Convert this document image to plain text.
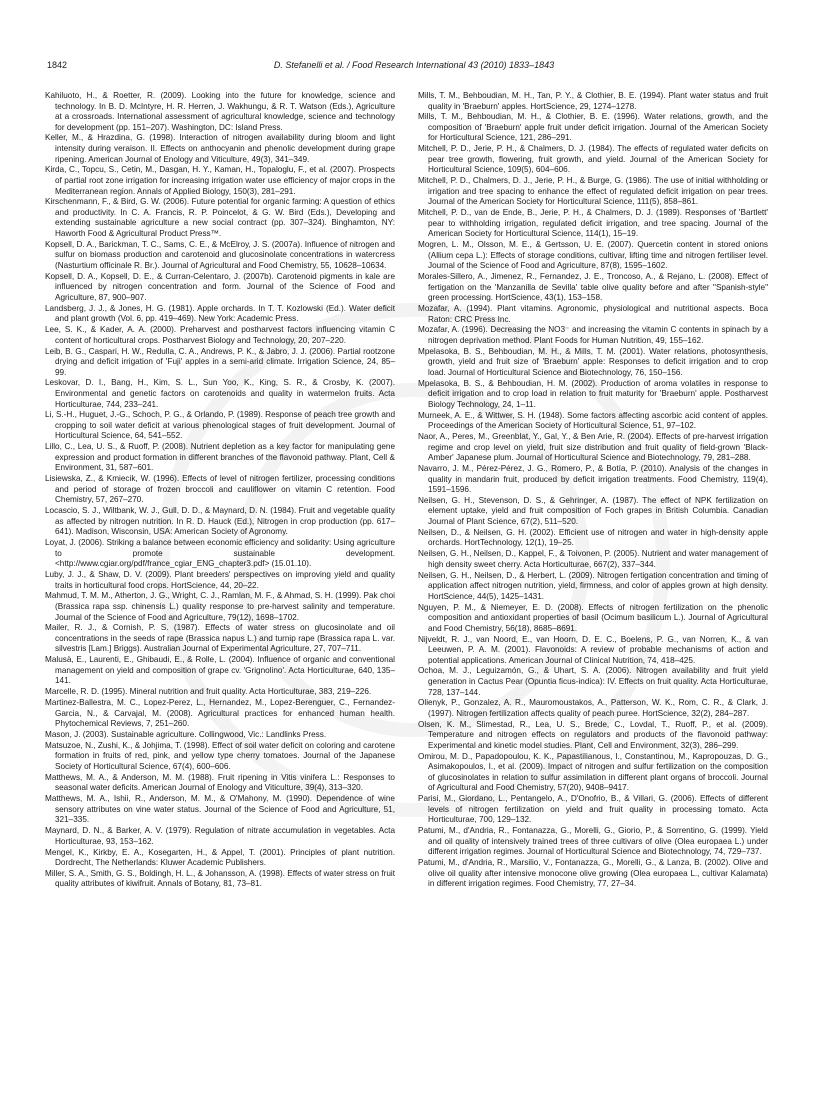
1842	D. Stefanelli et al. / Food Research International 43 (2010) 1833–1843
Kahiluoto, H., & Roetter, R. (2009). Looking into the future for knowledge, science and technology. In B. D. McIntyre, H. R. Herren, J. Wakhungu, & R. T. Watson (Eds.), Agriculture at a crossroads. International assessment of agricultural knowledge, science and technology for development (pp. 151–207). Washington, DC: Island Press.
Keller, M., & Hrazdina, G. (1998). Interaction of nitrogen availability during bloom and light intensity during veraison. II. Effects on anthocyanin and phenolic development during grape ripening. American Journal of Enology and Viticulture, 49(3), 341–349.
Kirda, C., Topcu, S., Cetin, M., Dasgan, H. Y., Kaman, H., Topaloglu, F., et al. (2007). Prospects of partial root zone irrigation for increasing irrigation water use efficiency of major crops in the Mediterranean region. Annals of Applied Biology, 150(3), 281–291.
Kirschenmann, F., & Bird, G. W. (2006). Future potential for organic farming: A question of ethics and productivity. In C. A. Francis, R. P. Poincelot, & G. W. Bird (Eds.), Developing and extending sustainable agriculture a new social contract (pp. 307–324). Binghamton, NY: Haworth Food & Agricultural Product Press™.
Kopsell, D. A., Barickman, T. C., Sams, C. E., & McElroy, J. S. (2007a). Influence of nitrogen and sulfur on biomass production and carotenoid and glucosinolate concentrations in watercress (Nasturtium officinale R. Br.). Journal of Agricultural and Food Chemistry, 55, 10628–10634.
Kopsell, D. A., Kopsell, D. E., & Curran-Celentaro, J. (2007b). Carotenoid pigments in kale are influenced by nitrogen concentration and form. Journal of the Science of Food and Agriculture, 87, 900–907.
Landsberg, J. J., & Jones, H. G. (1981). Apple orchards. In T. T. Kozlowski (Ed.). Water deficit and plant growth (Vol. 6, pp. 419–469). New York: Academic Press.
Lee, S. K., & Kader, A. A. (2000). Preharvest and postharvest factors influencing vitamin C content of horticultural crops. Postharvest Biology and Technology, 20, 207–220.
Leib, B. G., Caspari, H. W., Redulla, C. A., Andrews, P. K., & Jabro, J. J. (2006). Partial rootzone drying and deficit irrigation of 'Fuji' apples in a semi-arid climate. Irrigation Science, 24, 85–99.
Leskovar, D. I., Bang, H., Kim, S. L., Sun Yoo, K., King, S. R., & Crosby, K. (2007). Environmental and genetic factors on carotenoids and quality in watermelon fruits. Acta Horticulturae, 744, 233–241.
Li, S.-H., Huguet, J.-G., Schoch, P. G., & Orlando, P. (1989). Response of peach tree growth and cropping to soil water deficit at various phenological stages of fruit development. Journal of Horticultural Science, 64, 541–552.
Lillo, C., Lea, U. S., & Ruoff, P. (2008). Nutrient depletion as a key factor for manipulating gene expression and product formation in different branches of the flavonoid pathway. Plant, Cell & Environment, 31, 587–601.
Lisiewska, Z., & Kmiecik, W. (1996). Effects of level of nitrogen fertilizer, processing conditions and period of storage of frozen broccoli and cauliflower on vitamin C retention. Food Chemistry, 57, 267–270.
Locascio, S. J., Wiltbank, W. J., Gull, D. D., & Maynard, D. N. (1984). Fruit and vegetable quality as affected by nitrogen nutrition. In R. D. Hauck (Ed.), Nitrogen in crop production (pp. 617–641). Madison, Wisconsin, USA: American Society of Agronomy.
Loyat, J. (2006). Striking a balance between economic efficiency and solidarity: Using agriculture to promote sustainable development. <http://www.cgiar.org/pdf/france_cgiar_ENG_chapter3.pdf> (15.01.10).
Luby, J. J., & Shaw, D. V. (2009). Plant breeders' perspectives on improving yield and quality traits in horticultural food crops. HortScience, 44, 20–22.
Mahmud, T. M. M., Atherton, J. G., Wright, C. J., Ramlan, M. F., & Ahmad, S. H. (1999). Pak choi (Brassica rapa ssp. chinensis L.) quality response to pre-harvest salinity and temperature. Journal of the Science of Food and Agriculture, 79(12), 1698–1702.
Mailer, R. J., & Cornish, P. S. (1987). Effects of water stress on glucosinolate and oil concentrations in the seeds of rape (Brassica napus L.) and turnip rape (Brassica rapa L. var. silvestris [Lam.] Briggs). Australian Journal of Experimental Agriculture, 27, 707–711.
Malusà, E., Laurenti, E., Ghibaudi, E., & Rolle, L. (2004). Influence of organic and conventional management on yield and composition of grape cv. 'Grignolino'. Acta Horticulturae, 640, 135–141.
Marcelle, R. D. (1995). Mineral nutrition and fruit quality. Acta Horticulturae, 383, 219–226.
Martinez-Ballestra, M. C., Lopez-Perez, L., Hernandez, M., Lopez-Berenguer, C., Fernandez-Garcia, N., & Carvajal, M. (2008). Agricultural practices for enhanced human health. Phytochemical Reviews, 7, 251–260.
Mason, J. (2003). Sustainable agriculture. Collingwood, Vic.: Landlinks Press.
Matsuzoe, N., Zushi, K., & Johjima, T. (1998). Effect of soil water deficit on coloring and carotene formation in fruits of red, pink, and yellow type cherry tomatoes. Journal of the Japanese Society of Horticultural Science, 67(4), 600–606.
Matthews, M. A., & Anderson, M. M. (1988). Fruit ripening in Vitis vinifera L.: Responses to seasonal water deficits. American Journal of Enology and Viticulture, 39(4), 313–320.
Matthews, M. A., Ishii, R., Anderson, M. M., & O'Mahony, M. (1990). Dependence of wine sensory attributes on vine water status. Journal of the Science of Food and Agriculture, 51, 321–335.
Maynard, D. N., & Barker, A. V. (1979). Regulation of nitrate accumulation in vegetables. Acta Horticulturae, 93, 153–162.
Mengel, K., Kirkby, E. A., Kosegarten, H., & Appel, T. (2001). Principles of plant nutrition. Dordrecht, The Netherlands: Kluwer Academic Publishers.
Miller, S. A., Smith, G. S., Boldingh, H. L., & Johansson, A. (1998). Effects of water stress on fruit quality attributes of kiwifruit. Annals of Botany, 81, 73–81.
Mills, T. M., Behboudian, M. H., Tan, P. Y., & Clothier, B. E. (1994). Plant water status and fruit quality in 'Braeburn' apples. HortScience, 29, 1274–1278.
Mills, T. M., Behboudian, M. H., & Clothier, B. E. (1996). Water relations, growth, and the composition of 'Braeburn' apple fruit under deficit irrigation. Journal of the American Society for Horticultural Science, 121, 286–291.
Mitchell, P. D., Jerie, P. H., & Chalmers, D. J. (1984). The effects of regulated water deficits on pear tree growth, flowering, fruit growth, and yield. Journal of the American Society for Horticultural Science, 109(5), 604–606.
Mitchell, P. D., Chalmers, D. J., Jerie, P. H., & Burge, G. (1986). The use of initial withholding or irrigation and tree spacing to enhance the effect of regulated deficit irrigation on pear trees. Journal of the American Society for Horticultural Science, 111(5), 858–861.
Mitchell, P. D., van de Ende, B., Jerie, P. H., & Chalmers, D. J. (1989). Responses of 'Bartlett' pear to withholding irrigation, regulated deficit irrigation, and tree spacing. Journal of the American Society for Horticultural Science, 114(1), 15–19.
Mogren, L. M., Olsson, M. E., & Gertsson, U. E. (2007). Quercetin content in stored onions (Allium cepa L.): Effects of storage conditions, cultivar, lifting time and nitrogen fertiliser level. Journal of the Science of Food and Agriculture, 87(8), 1595–1602.
Morales-Sillero, A., Jimenez, R., Fernandez, J. E., Troncoso, A., & Rejano, L. (2008). Effect of fertigation on the 'Manzanilla de Sevilla' table olive quality before and after "Spanish-style" green processing. HortScience, 43(1), 153–158.
Mozafar, A. (1994). Plant vitamins. Agronomic, physiological and nutritional aspects. Boca Raton: CRC Press Inc.
Mozafar, A. (1996). Decreasing the NO3⁻ and increasing the vitamin C contents in spinach by a nitrogen deprivation method. Plant Foods for Human Nutrition, 49, 155–162.
Mpelasoka, B. S., Behboudian, M. H., & Mills, T. M. (2001). Water relations, photosynthesis, growth, yield and fruit size of 'Braeburn' apple: Responses to deficit irrigation and to crop load. Journal of Horticultural Science and Biotechnology, 76, 150–156.
Mpelasoka, B. S., & Behboudian, H. M. (2002). Production of aroma volatiles in response to deficit irrigation and to crop load in relation to fruit maturity for 'Braeburn' apple. Postharvest Biology Technology, 24, 1–11.
Murneek, A. E., & Wittwer, S. H. (1948). Some factors affecting ascorbic acid content of apples. Proceedings of the American Society of Horticultural Science, 51, 97–102.
Naor, A., Peres, M., Greenblat, Y., Gal, Y., & Ben Arie, R. (2004). Effects of pre-harvest irrigation regime and crop level on yield, fruit size distribution and fruit quality of field-grown 'Black-Amber' Japanese plum. Journal of Horticultural Science and Biotechnology, 79, 281–288.
Navarro, J. M., Pérez-Pérez, J. G., Romero, P., & Botía, P. (2010). Analysis of the changes in quality in mandarin fruit, produced by deficit irrigation treatments. Food Chemistry, 119(4), 1591–1596.
Neilsen, G. H., Stevenson, D. S., & Gehringer, A. (1987). The effect of NPK fertilization on element uptake, yield and fruit composition of Foch grapes in British Columbia. Canadian Journal of Plant Science, 67(2), 511–520.
Neilsen, D., & Neilsen, G. H. (2002). Efficient use of nitrogen and water in high-density apple orchards. HortTechnology, 12(1), 19–25.
Neilsen, G. H., Neilsen, D., Kappel, F., & Toivonen, P. (2005). Nutrient and water management of high density sweet cherry. Acta Horticulturae, 667(2), 337–344.
Neilsen, G. H., Neilsen, D., & Herbert, L. (2009). Nitrogen fertigation concentration and timing of application affect nitrogen nutrition, yield, firmness, and color of apples grown at high density. HortScience, 44(5), 1425–1431.
Nguyen, P. M., & Niemeyer, E. D. (2008). Effects of nitrogen fertilization on the phenolic composition and antioxidant properties of basil (Ocimum basilicum L.). Journal of Agricultural and Food Chemistry, 56(18), 8685–8691.
Nijveldt, R. J., van Noord, E., van Hoorn, D. E. C., Boelens, P. G., van Norren, K., & van Leeuwen, P. A. M. (2001). Flavonoids: A review of probable mechanisms of action and potential applications. American Journal of Clinical Nutrition, 74, 418–425.
Ochoa, M. J., Leguizamón, G., & Uhart, S. A. (2006). Nitrogen availability and fruit yield generation in Cactus Pear (Opuntia ficus-indica): IV. Effects on fruit quality. Acta Horticulturae, 728, 137–144.
Olienyk, P., Gonzalez, A. R., Mauromoustakos, A., Patterson, W. K., Rom, C. R., & Clark, J. (1997). Nitrogen fertilization affects quality of peach puree. HortScience, 32(2), 284–287.
Olsen, K. M., Slimestad, R., Lea, U. S., Brede, C., Lovdal, T., Ruoff, P., et al. (2009). Temperature and nitrogen effects on regulators and products of the flavonoid pathway: Experimental and kinetic model studies. Plant, Cell and Environment, 32(3), 286–299.
Omirou, M. D., Papadopoulou, K. K., Papastilianous, I., Constantinou, M., Kapropouzas, D. G., Asimakopoulos, I., et al. (2009). Impact of nitrogen and sulfur fertilization on the composition of glucosinolates in relation to sulfur assimilation in different plant organs of broccoli. Journal of Agricultural and Food Chemistry, 57(20), 9408–9417.
Parisi, M., Giordano, L., Pentangelo, A., D'Onofrio, B., & Villari, G. (2006). Effects of different levels of nitrogen fertilization on yield and fruit quality in processing tomato. Acta Horticulturae, 700, 129–132.
Patumi, M., d'Andria, R., Fontanazza, G., Morelli, G., Giorio, P., & Sorrentino, G. (1999). Yield and oil quality of intensively trained trees of three cultivars of olive (Olea europaea L.) under different irrigation regimes. Journal of Horticultural Science and Biotechnology, 74, 729–737.
Patumi, M., d'Andria, R., Marsilio, V., Fontanazza, G., Morelli, G., & Lanza, B. (2002). Olive and olive oil quality after intensive monocone olive growing (Olea europaea L., cultivar Kalamata) in different irrigation regimes. Food Chemistry, 77, 27–34.
